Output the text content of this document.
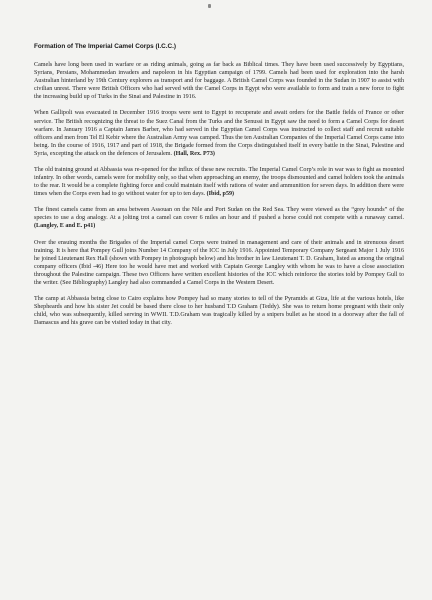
Formation of The Imperial Camel Corps (I.C.C.)

Camels have long been used in warfare or as riding animals, going as far back as Biblical times. They have been used successively by Egyptians, Syrians, Persians, Mohammedan invaders and napoleon in his Egyptian campaign of 1799. Camels had been used for exploration into the harsh Australian hinterland by 19th Century explorers as transport and for baggage. A British Camel Corps was founded in the Sudan in 1907 to assist with civilian unrest. There were British Officers who had served with the Camel Corps in Egypt who were available to form and train a new force to fight the increasing build up of Turks in the Sinai and Palestine in 1916.

When Gallipoli was evacuated in December 1916 troops were sent to Egypt to recuperate and await orders for the Battle fields of France or other service. The British recognizing the threat to the Suez Canal from the Turks and the Senussi in Egypt saw the need to form a Camel Corps for desert warfare. In January 1916 a Captain James Barber, who had served in the Egyptian Camel Corps was instructed to collect staff and recruit suitable officers and men from Tel El Kebir where the Australian Army was camped. Thus the ten Australian Companies of the Imperial Camel Corps came into being. In the course of 1916, 1917 and part of 1918, the Brigade formed from the Corps distinguished itself in every battle in the Sinai, Palestine and Syria, excepting the attack on the defences of Jerusalem. (Hall, Rex. P73)

The old training ground at Abbassia was re-opened for the influx of these new recruits. The Imperial Camel Corp’s role in war was to fight as mounted infantry. In other words, camels were for mobility only, so that when approaching an enemy, the troops dismounted and camel holders took the animals to the rear. It would be a complete fighting force and could maintain itself with rations of water and ammunition for seven days. In addition there were times when the Corps even had to go without water for up to ten days. (Ibid, p59)

The finest camels came from an area between Assouan on the Nile and Port Sudan on the Red Sea. They were viewed as the “grey hounds” of the species to use a dog analogy. At a jolting trot a camel can cover 6 miles an hour and if pushed a horse could not compete with a runaway camel. (Langley, E and E. p41)

Over the ensuing months the Brigades of the Imperial camel Corps were trained in management and care of their animals and in strenuous desert training. It is here that Pompey Gull joins Number 14 Company of the ICC in July 1916. Appointed Temporary Company Sergeant Major 1 July 1916 he joined Lieutenant Rex Hall (shown with Pompey in photograph below) and his brother in law Lieutenant T. D. Graham, listed as among the original company officers (Ibid -46) Here too he would have met and worked with Captain George Langley with whom he was to have a close association throughout the Palestine campaign. These two Officers have written excellent histories of the ICC which reinforce the stories told by Pompey Gull to the writer. (See Bibliography) Langley had also commanded a Camel Corps in the Western Desert.

The camp at Abbassia being close to Cairo explains how Pompey had so many stories to tell of the Pyramids at Giza, life at the various hotels, like Shepheards and how his sister Jet could be based there close to her husband T.D Graham (Teddy). She was to return home pregnant with their only child, who was subsequently, killed serving in WWII. T.D.Graham was tragically killed by a snipers bullet as he stood in a doorway after the fall of Damascus and his grave can be visited today in that city.
